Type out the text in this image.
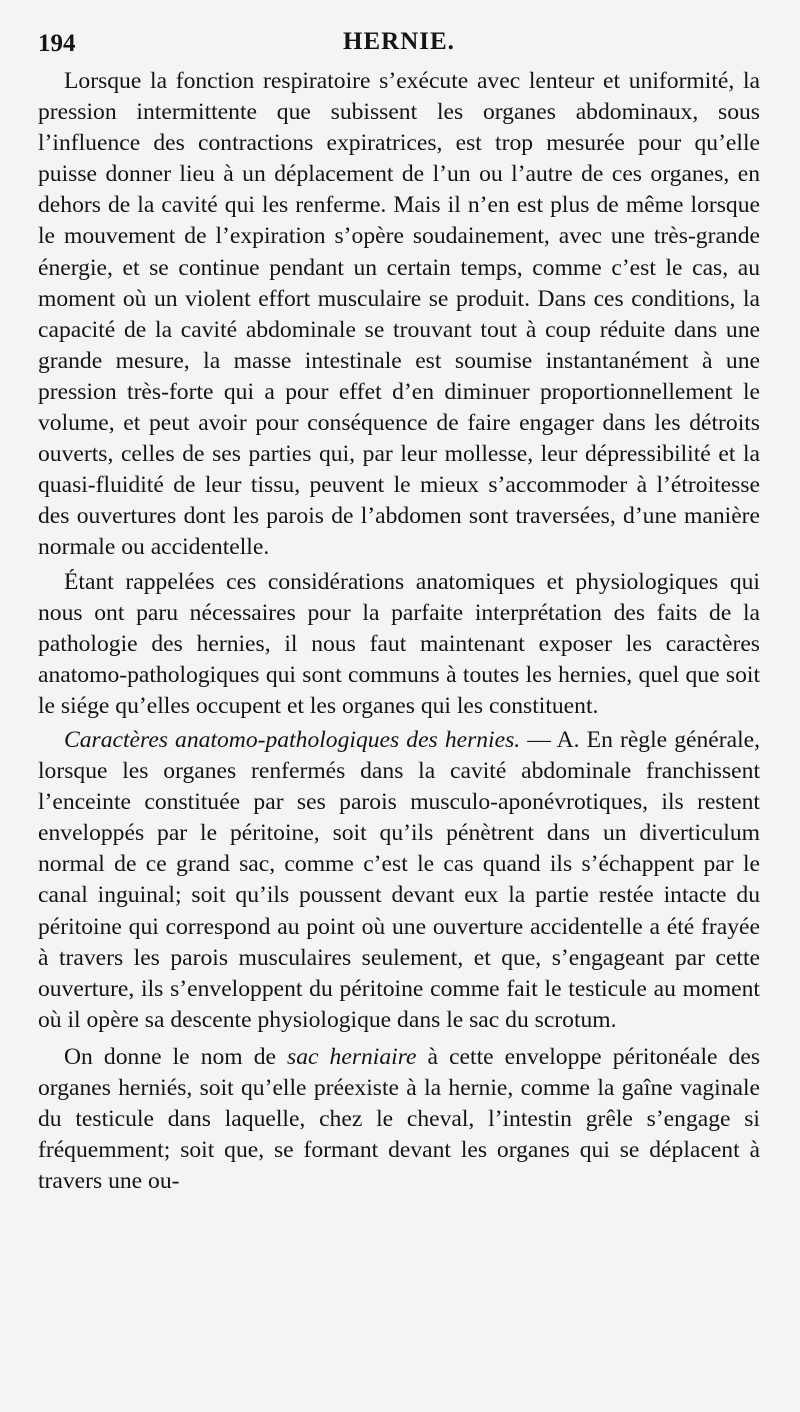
194	HERNIE.

Lorsque la fonction respiratoire s’exécute avec lenteur et uniformité, la pression intermittente que subissent les organes abdominaux, sous l’influence des contractions expiratrices, est trop mesurée pour qu’elle puisse donner lieu à un déplacement de l’un ou l’autre de ces organes, en dehors de la cavité qui les renferme. Mais il n’en est plus de même lorsque le mouvement de l’expiration s’opère soudainement, avec une très-grande énergie, et se continue pendant un certain temps, comme c’est le cas, au moment où un violent effort musculaire se produit. Dans ces conditions, la capacité de la cavité abdominale se trouvant tout à coup réduite dans une grande mesure, la masse intestinale est soumise instantanément à une pression très-forte qui a pour effet d’en diminuer proportionnellement le volume, et peut avoir pour conséquence de faire engager dans les détroits ouverts, celles de ses parties qui, par leur mollesse, leur dépressibilité et la quasi-fluidité de leur tissu, peuvent le mieux s’accommoder à l’étroitesse des ouvertures dont les parois de l’abdomen sont traversées, d’une manière normale ou accidentelle.

Étant rappelées ces considérations anatomiques et physiologiques qui nous ont paru nécessaires pour la parfaite interprétation des faits de la pathologie des hernies, il nous faut maintenant exposer les caractères anatomo-pathologiques qui sont communs à toutes les hernies, quel que soit le siége qu’elles occupent et les organes qui les constituent.

Caractères anatomo-pathologiques des hernies. — A. En règle générale, lorsque les organes renfermés dans la cavité abdominale franchissent l’enceinte constituée par ses parois musculo-aponévrotiques, ils restent enveloppés par le péritoine, soit qu’ils pénètrent dans un diverticulum normal de ce grand sac, comme c’est le cas quand ils s’échappent par le canal inguinal; soit qu’ils poussent devant eux la partie restée intacte du péritoine qui correspond au point où une ouverture accidentelle a été frayée à travers les parois musculaires seulement, et que, s’engageant par cette ouverture, ils s’enveloppent du péritoine comme fait le testicule au moment où il opère sa descente physiologique dans le sac du scrotum.

On donne le nom de sac herniaire à cette enveloppe péritonéale des organes herniés, soit qu’elle préexiste à la hernie, comme la gaîne vaginale du testicule dans laquelle, chez le cheval, l’intestin grêle s’engage si fréquemment; soit que, se formant devant les organes qui se déplacent à travers une ou-
